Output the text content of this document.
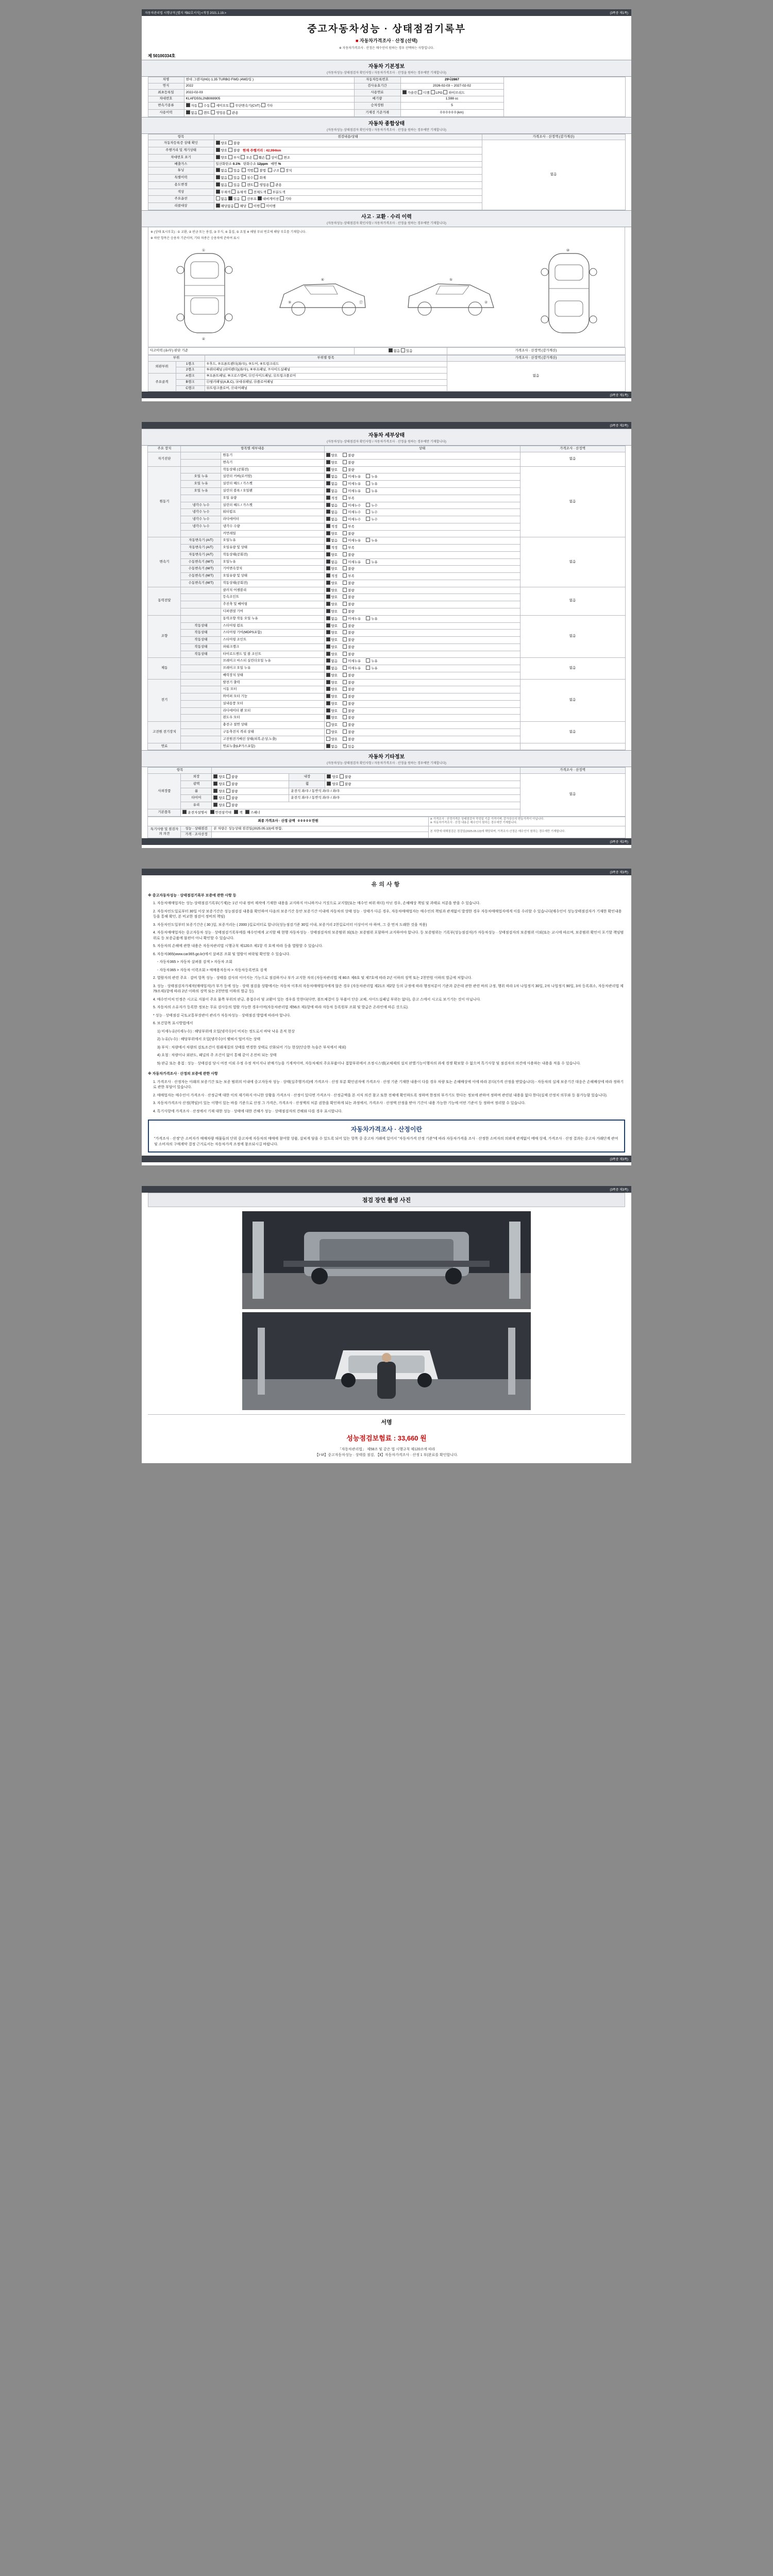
자동차관리법 시행규칙 [별지 제82호서식] <개정 2021.1.19.>	(3쪽중 제1쪽)
중고자동차성능 · 상태점검기록부
■ 자동차가격조사 · 산정 (선택)
※ 자동차가격조사 · 산정은 매수인이 원하는 경우 선택하는 사항입니다.
제 50100334호
자동차 기본정보
(자동차성능·상태점검자 확인사항 / 자동차가격조사 · 산정을 원하는 경우에만 기재합니다)
차명	현대 그랜저(HG) 1.35 TURBO FWD (4WD일 )	자동차등록번호	29나2867	
연식	2022	검사유효기간	2026-02-03 ~ 2027-02-02	
최초등록일	2022-02-03	사용연료	가솔린 디젤 LPG 하이브리드	
차대번호	KLAFD5SL2NB069905	배기량	1,598 cc	
변속기종류	자동 수동 세미오토 무단변속기(CVT) 기타	승차정원	5	
사용이력	없음 렌트 영업용 관용	기재검 기준거래	0 0 0 0 0 0 (km)	
자동차 종합상태
(자동차성능·상태점검자 확인사항 / 자동차가격조사 · 산정을 원하는 경우에만 기재합니다)
항목	점검내용/상태	가격조사 · 산정액 (감가계산)
자동차등록증 상태 확인	양호 불량	없음
주행거리 및 계기상태	양호 불량 현재 주행거리 : 42,994km	
차대번호 표기	양호 부식 오손 훼손 상이 변조	
배출가스	일산화탄소 0.1% 탄화수소 12ppm 매연 %	
튜닝	없음 있음 적법 불법 구조 장치	
특별이력	없음 있음 침수 화재	
용도변경	없음 있음 렌트 영업용 관용	
색상	무채색 유채색 전체도색 부분도색	
주요옵션	없음 있음 선루프 내비게이션 기타	
리콜대상	해당없음 해당 이행 미이행	
사고 · 교환 · 수리 이력
(자동차성능·상태점검자 확인사항 / 자동차가격조사 · 산정을 원하는 경우에만 기재합니다)
※ (상태 표시부호) : ① 교환, ② 판금 또는 용접, ③ 부식, ④ 흠집, ⑤ 요철 ※ 해당 부위 번호에 해당 부호를 기재합니다.
※ 하단 항목은 승용차 기준이며, 기타 차종은 승용차에 준하여 표시
①
④
⑥
⑨	⑰
⑤
②
⑩
사고이력 (유/무) 판단 기준	없음 있음	가격조사 · 산정액 (감가계산)
부위		부위별 항목	가격조사 · 산정액 (감가계산)
외판부위	1랭크	①후드, ②프론트펜더(좌/우), ③도어, ④트렁크리드	없음
	2랭크	⑤쿼터패널 (리어펜더)(좌/우), ⑥루프패널, ⑦사이드실패널	
주요골격	A랭크	⑨프론트패널, ⑩크로스멤버, ⑪인사이드패널, ⑫트렁크플로어	
	B랭크	⑬필러패널(A,B,C), ⑭대쉬패널, ⑮플로어패널	
	C랭크	⑯트렁크플로어, ⑰리어패널	
(3쪽중 제1쪽)

(3쪽중 제2쪽)
자동차 세부상태
(자동차성능·상태점검자 확인사항 / 자동차가격조사 · 산정을 원하는 경우에만 기재합니다)
주요 장치	항목별 세부내용		상태	가격조사 · 산정액
자기진단		원동기	양호 불량	없음
		변속기	양호 불량	
원동기		작동상태 (공회전)	양호 불량	없음
	오일 누유	실린더 커버(로커암)	없음 미세누유 누유	
	오일 누유	실린더 헤드 / 가스켓	없음 미세누유 누유	
	오일 누유	실린더 블록 / 오일팬	없음 미세누유 누유	
		오일 유량	적정 부족	
	냉각수 누수	실린더 헤드 / 가스켓	없음 미세누수 누수	
	냉각수 누수	워터펌프	없음 미세누수 누수	
	냉각수 누수	라디에이터	없음 미세누수 누수	
	냉각수 누수	냉각수 수량	적정 부족	
		커먼레일	양호 불량	
변속기	자동변속기 (A/T)	오일누유	없음 미세누유 누유	없음
	자동변속기 (A/T)	오일유량 및 상태	적정 부족	
	자동변속기 (A/T)	작동상태(공회전)	양호 불량	
	수동변속기 (M/T)	오일누유	없음 미세누유 누유	
	수동변속기 (M/T)	기어변속장치	양호 불량	
	수동변속기 (M/T)	오일유량 및 상태	적정 부족	
	수동변속기 (M/T)	작동상태(공회전)	양호 불량	
동력전달		클러치 어셈블리	양호 불량	없음
		등속조인트	양호 불량	
		추진축 및 베어링	양호 불량	
		디퍼렌셜 기어	양호 불량	
조향		동력조향 작동 오일 누유	없음 미세누유 누유	없음
	작동상태	스티어링 펌프	양호 불량	
	작동상태	스티어링 기어(MDPS포함)	양호 불량	
	작동상태	스티어링 조인트	양호 불량	
	작동상태	파워크랭크	양호 불량	
	작동상태	타이로드엔드 및 볼 조인트	양호 불량	
제동		브레이크 마스터 실린더오일 누유	없음 미세누유 누유	없음
		브레이크 오일 누유	없음 미세누유 누유	
		배력장치 상태	양호 불량	
전기		발전기 출력	양호 불량	없음
		시동 모터	양호 불량	
		와이퍼 모터 기능	양호 불량	
		실내송풍 모터	양호 불량	
		라디에이터 팬 모터	양호 불량	
		윈도우 모터	양호 불량	
고전원 전기장치		충전구 절연 상태	양호 불량	없음
		구동축전지 격리 상태	양호 불량	
		고전원전기배선 상태(피복,손상,노출)	양호 불량	
연료		연료누출(LP가스포함)	없음 있음	
자동차 기타정보
(자동차성능·상태점검자 확인사항 / 자동차가격조사 · 산정을 원하는 경우에만 기재합니다)
항목					가격조사 · 산정액
사외장품	외장	양호 불량	내장	양호 불량	없음
	광택	양호 불량	휠	양호 불량	
	룸	양호 불량	운전석 좌/우 / 동반석 좌/우 / 좌/우		
	타이어	양호 불량	운전석 좌/우 / 동반석 좌/우 / 좌/우		
	유리	양호 불량			
기본품목	운전자설명서 안전삼각대 잭 스패너				
최종 가격조사 · 산정 금액 0 0 0 0 0 만원			※ 가격조사 · 산정가격은 상태점검자 작성일 기준 가격이며, 감가상승의 변동가격이 아닙니다.
※ 자동차가격조사 · 산정 내용은 매수인이 원하는 경우에만 기재합니다.

특기사항 및 점검자의 의견	성능 · 상태점검	본 차량은 성능상태 점검일(2025.05.13)에 한함.	본 차량에 대해점검은 점검일(2025.05.13)에 해당되며, 가격조사·산정은 매수인이 원하는 경우에만 기재합니다.
	가격 · 조사산정		
(3쪽중 제2쪽)

(3쪽중 제3쪽)
유의사항

※ 중고자동차성능 · 상태점검기록부 보증에 관한 사항 등

1. 자동차매매업자는 성능·상태점검기록부(기재)는 1년 이내 정비 제작에 기재한 내용을 교지하지 아니하거나 거짓으로 교지할(또는 매수인 허위 하더) 아닌 경우, 손해배상 책임 및 과태료 처분을 받을 수 있습니다.

2. 자동차인도일로부터 30일 이상 보증기간은 성능점검검 내용을 확인하여 다음의 보증기간 동안 보증기간 이내에 자동차의 상태 성능 · 상태가 다른 경우, 자동차매매업자는 매수인의 책임과 관계없이 발생한 경우 자동차매매업자에게 이를 수리할 수 있습니다(매수인이 성능상태점검자가 기재한 확인내용 등을 통해 확인, 본 비교한 점검이 정비의 책임)

3. 자동차인도일부터 보증기간은 ( 30 )일, 보증거리는 ( 2000 )킬로미터로 합니다(성능점검기준 30일 이내, 보증거리 2천킬로미터 이상이어 야 하며, 그 중 먼저 도래한 것을 적용)

4. 자동차매매업자는 중고자동차 성능 · 상태점검기록부에를 매수인에게 교지할 때 현행 자동차성능 · 상태점검자의 보증범위 외(또는 보증범위 포함하여 교지하여야 합니다. 등 보증범위는 기록부(성능점검자)가 자동차성능 · 상태점검자의 보증범위 이외(또는 교시에 따르며, 보증범위 확인이 포기할 책임범위로 등 보증금품에 불편이 아니 확인할 수 있습니다.

5. 자동차의 손해에 관한 내용은 자동차관리법 시행규칙 제120조 제1항 각 호에 따라 등을 열람할 수 있습니다.

6. 자동차365(www.car365.go.kr)에서 살펴본 조회 및 열람이 허락될 확인할 수 있습니다.

- 자동차365 > 자동차 살펴볼 검색 > 자동차 조회

- 자동차365 > 자동차 이력조회 > 매매용자동차 > 자동차등록번호 검색

2. 열람자의 관련 주요 · 감비 항목 성능 · 상태를 검사의 이어지는 기능으로 점검하거나 부가 교지한 자의 (자동차관리법 제 80조 제6호 및 제7호에 따라 2년 이하의 징역 또는 2천만원 이하의 벌금에 처합니다.

3. 성능 · 상태점검자가제작(매매업자)가 부가 등에 성능 · 상태 점검을 상황에서는 자동차 이후의 자동차매매업자에게 않은 경우 (자동차관리법 제21조 제2항 등의 규정에 따라 행정처분이 기준과 같은데 관한 관련 바의 규정, 행위 따라 1차 나업정지 30일, 2차 나업정지 90일, 3차 등록취소, 자동차관리법 제79조제1항에 따라 2년 이하의 징역 또는 2천만원 이하의 벌금 등).

4. 매수인이처 인정은 시고로 지불이 주요 물쪽 부위의 판금, 용접수리 및 교환이 있는 경우를 뜻한다(다만, 볼트체결이 등 부품이 단순 교체, 사이드실패널 부위는 없다), 중고 스에서 시고로 보기기는 것이 아닙니다.

5. 자동차의 소유자가 등록한 정보는 무료 검사등의 열람 가능한 경우이며(자동차관리법 제56조 제1항에 따라 자동차 등록원부 조회 및 발급은 온라인에 따른 것으로).

* 성능 · 상태점검 국토교통부장관이 관리가 자동차성능 · 상태점검 방법에 따라야 합니다.

6. 보건항목 표시방법에서

1) 미세누유(미세누수) : 해당부위에 오일(냉각수)이 비치는 정도로서 바닥 낙유 흔적 현상

2) 누유(누수) : 해당부위에서 오일(냉각수)이 맺혀서 떨어지는 상태

3) 부식 : 차량에서 차량의 검토조건이 원래재질의 상태를 변경한 상태로 산화되어 기능 현상(단순한 녹슴은 부식에서 제외)

4) 요철 : 차량이나 외판도, 패널의 주 조건이 없이 통해 같이 온전히 되는 상태

5) 판금 또는 용접 : 성능 · 상태검검 당시 여전 이외 수정 수정 적이지나 판매기능을 기계적이며, 자동차체의 주요부품이나 접합부위에서 조정시스템(교체제의 설치 판별기능이행자의 과세 경쟁 확보할 수 없으며 특기사항 및 점검자의 의견에 사용하는 내용을 적을 수 있습니다.

※ 자동차가격조사 · 산정의 보증에 관한 사항

1. 가격조사 · 산정자는 이래의 보증기간 또는 보증 범위의 이내에 중고자동차 성능 · 상태(실주행거리)에 가격조사 · 산정 부분 확인권자에 가격조사 · 산정 기준 기재한 내용이 다를 경우 차량 또는 손해배상에 이에 따라 본다(가격 산정을 받았습니다) - 자동차의 실제 보증기간 대응은 손해배상에 따라 정하기로 관한 부담이 있습니다.

2. 매매업자는 매수인이 가격조사 · 산정금액 대한 이의 제기하지 아니한 상황을 가격조사 · 산정이 있다면 가격조사 · 산정금액을 본 서식 의견 참고 또한 전체에 확인하도록 정하며 한정의 부가기도 한다는 정보에 관하여 정하며 관련된 내용을 없다 한다(실제 산정치 의무와 등 불가능함 있습니다).

3. 자동차가격조사 산정(책임)이 있는 이행이 있는 바를 기준으로 산정 그 가격은, 가격조사 · 산정액의 처분 권한을 확인하게 되는 과정에서, 가격조사 · 산정액 산정을 받아 기간이 내용 가능한 기능에 어떤 기준이 등 정하여 정리할 수 있습니다.

4. 특기사항에 가격조사 · 산정에서 기재 대한 성능 · 상태에 대한 견해가 성능 · 상태점검자의 견해와 다를 경우 표시합니다.

자동차가격조사 · 산정이란
"가격조사 · 산정"은 소비자가 매매차량 매물들의 단위 중고차에 자동차의 매매에 참여할 상품, 살피게 담을 수 있도록 되어 있는 항목 중 중고차 거래에 있어서 "자동차가격 산정 기준"에 따라 자동차가격을 조사 · 산정한 소비자의 의뢰에 관계없이 메매 상세, 가격조사 · 산정 결과는 중고차 거래단계 관여 및 소비자의 구매계약 결정 근거로서는 자동차가격 조정에 참조되시길 바랍니다.
(3쪽중 제3쪽)

(3쪽중 제3쪽)
점검 장면 촬영 사진
서명

성능점검보험료 : 33,660 원
「자동차관리법」 제58조 및 같은 법 시행규칙 제120조에 따라
【Ⅰ-Ⅵ】중고자동차성능 · 상태를 점검, 【Ⅱ】자동차가격조사 · 산정 1 부(완료를 확인합니다.
